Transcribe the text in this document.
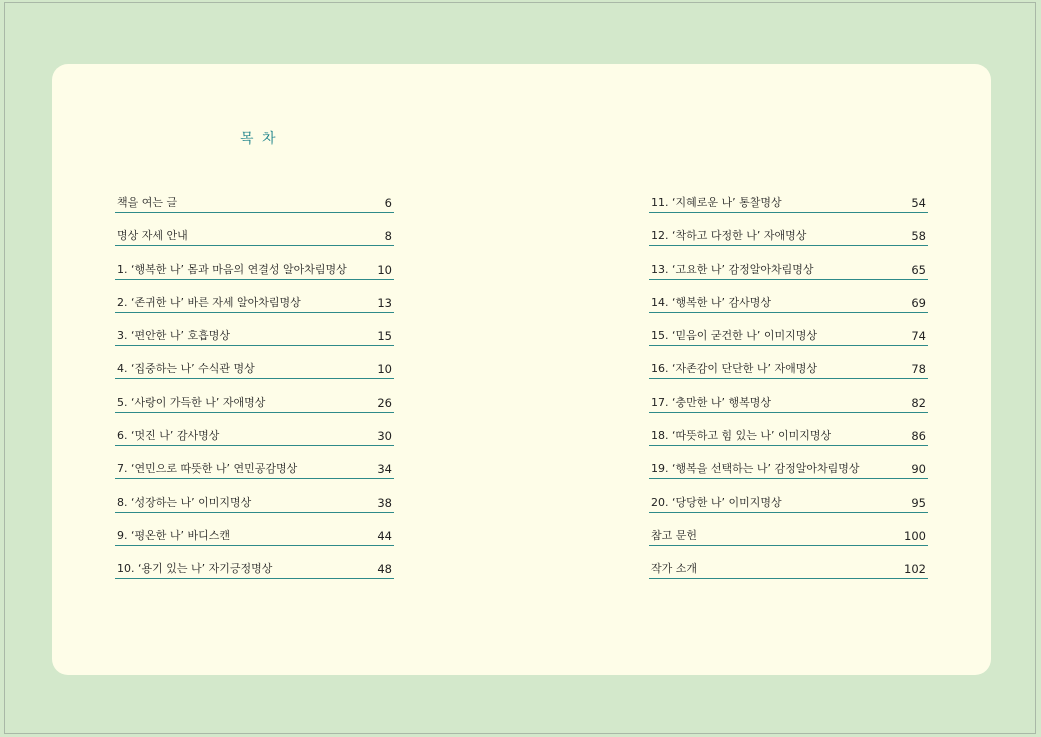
목 차
책을 여는 글	6
명상 자세 안내	8
1. ‘행복한 나’ 몸과 마음의 연결성 알아차림명상	10
2. ‘존귀한 나’ 바른 자세 알아차림명상	13
3. ‘편안한 나’ 호흡명상	15
4. ‘집중하는 나’ 수식관 명상	10
5. ‘사랑이 가득한 나’ 자애명상	26
6. ‘멋진 나’ 감사명상	30
7. ‘연민으로 따뜻한 나’ 연민공감명상	34
8. ‘성장하는 나’ 이미지명상	38
9. ‘평온한 나’ 바디스캔	44
10. ‘용기 있는 나’ 자기긍정명상	48
11. ‘지혜로운 나’ 통찰명상	54
12. ‘착하고 다정한 나’ 자애명상	58
13. ‘고요한 나’ 감정알아차림명상	65
14. ‘행복한 나’ 감사명상	69
15. ‘믿음이 굳건한 나’ 이미지명상	74
16. ‘자존감이 단단한 나’ 자애명상	78
17. ‘충만한 나’ 행복명상	82
18. ‘따뜻하고 힘 있는 나’ 이미지명상	86
19. ‘행복을 선택하는 나’ 감정알아차림명상	90
20. ‘당당한 나’ 이미지명상	95
참고 문헌	100
작가 소개	102
